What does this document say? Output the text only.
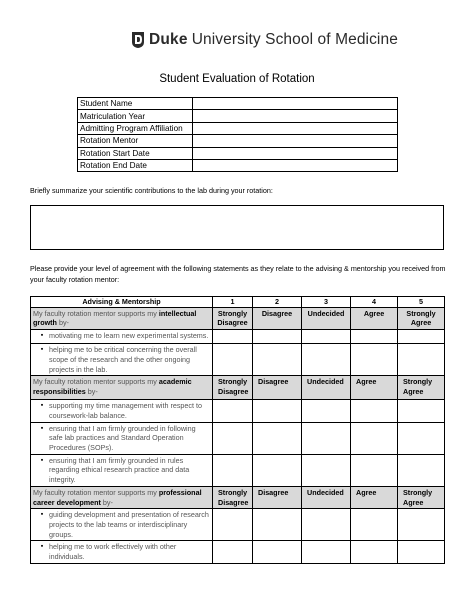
Duke University School of Medicine
Student Evaluation of Rotation
Student Name	
Matriculation Year	
Admitting Program Affiliation	
Rotation Mentor	
Rotation Start Date	
Rotation End Date	
Briefly summarize your scientific contributions to the lab during your rotation:
Please provide your level of agreement with the following statements as they relate to the advising & mentorship you received from your faculty rotation mentor:
Advising & Mentorship	1	2	3	4	5
My faculty rotation mentor supports my intellectual growth by-	Strongly Disagree	Disagree	Undecided	Agree	Strongly Agree

▪ motivating me to learn new experimental systems.					

▪ helping me to be critical concerning the overall scope of the research and the other ongoing projects in the lab.					

My faculty rotation mentor supports my academic responsibilities by-	Strongly Disagree	Disagree	Undecided	Agree	Strongly Agree

▪ supporting my time management with respect to coursework-lab balance.					

▪ ensuring that I am firmly grounded in following safe lab practices and Standard Operation Procedures (SOPs).					

▪ ensuring that I am firmly grounded in rules regarding ethical research practice and data integrity.					

My faculty rotation mentor supports my professional career development by-	Strongly Disagree	Disagree	Undecided	Agree	Strongly Agree

▪ guiding development and presentation of research projects to the lab teams or interdisciplinary groups.					

▪ helping me to work effectively with other individuals.					
